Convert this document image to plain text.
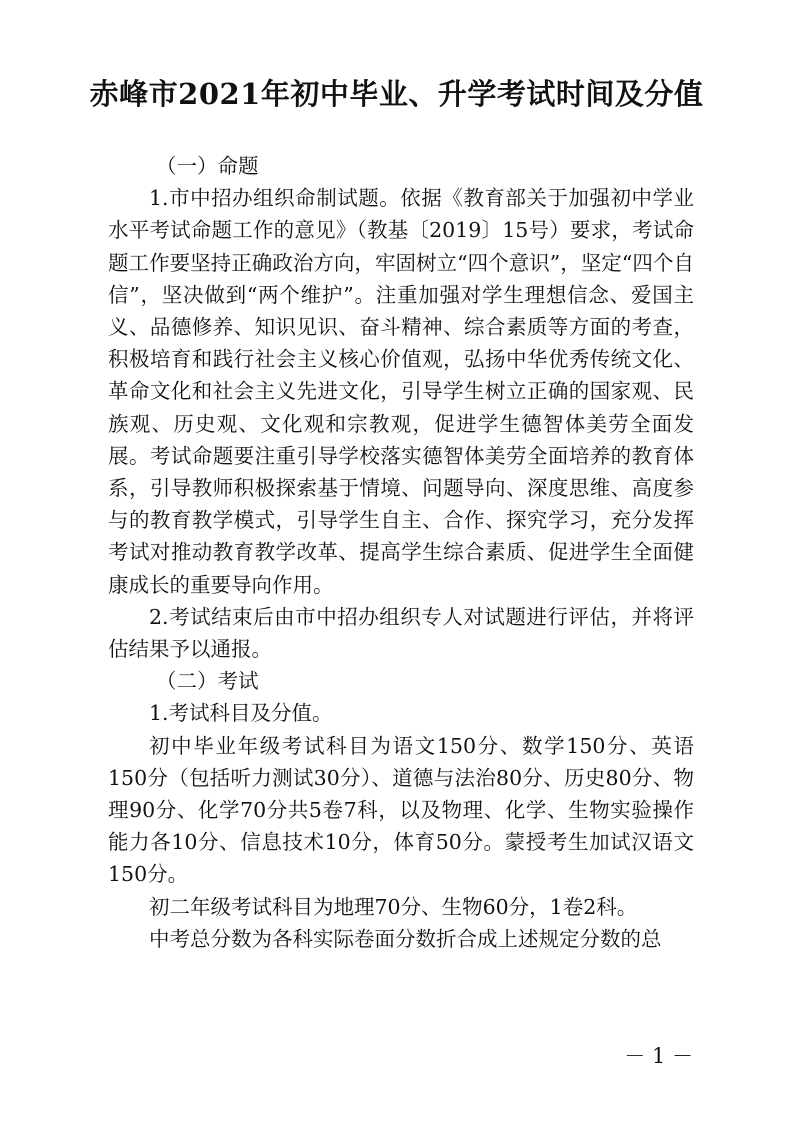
赤峰市2021年初中毕业、升学考试时间及分值

（一）命题

1.市中招办组织命制试题。依据《教育部关于加强初中学业水平考试命题工作的意见》（教基〔2019〕15号）要求，考试命题工作要坚持正确政治方向，牢固树立“四个意识”，坚定“四个自信”，坚决做到“两个维护”。注重加强对学生理想信念、爱国主义、品德修养、知识见识、奋斗精神、综合素质等方面的考查，积极培育和践行社会主义核心价值观，弘扬中华优秀传统文化、革命文化和社会主义先进文化，引导学生树立正确的国家观、民族观、历史观、文化观和宗教观，促进学生德智体美劳全面发展。考试命题要注重引导学校落实德智体美劳全面培养的教育体系，引导教师积极探索基于情境、问题导向、深度思维、高度参与的教育教学模式，引导学生自主、合作、探究学习，充分发挥考试对推动教育教学改革、提高学生综合素质、促进学生全面健康成长的重要导向作用。

2.考试结束后由市中招办组织专人对试题进行评估，并将评估结果予以通报。

（二）考试

1.考试科目及分值。

初中毕业年级考试科目为语文150分、数学150分、英语150分（包括听力测试30分）、道德与法治80分、历史80分、物理90分、化学70分共5卷7科，以及物理、化学、生物实验操作能力各10分、信息技术10分，体育50分。蒙授考生加试汉语文150分。

初二年级考试科目为地理70分、生物60分，1卷2科。

中考总分数为各科实际卷面分数折合成上述规定分数的总

－ 1 －
